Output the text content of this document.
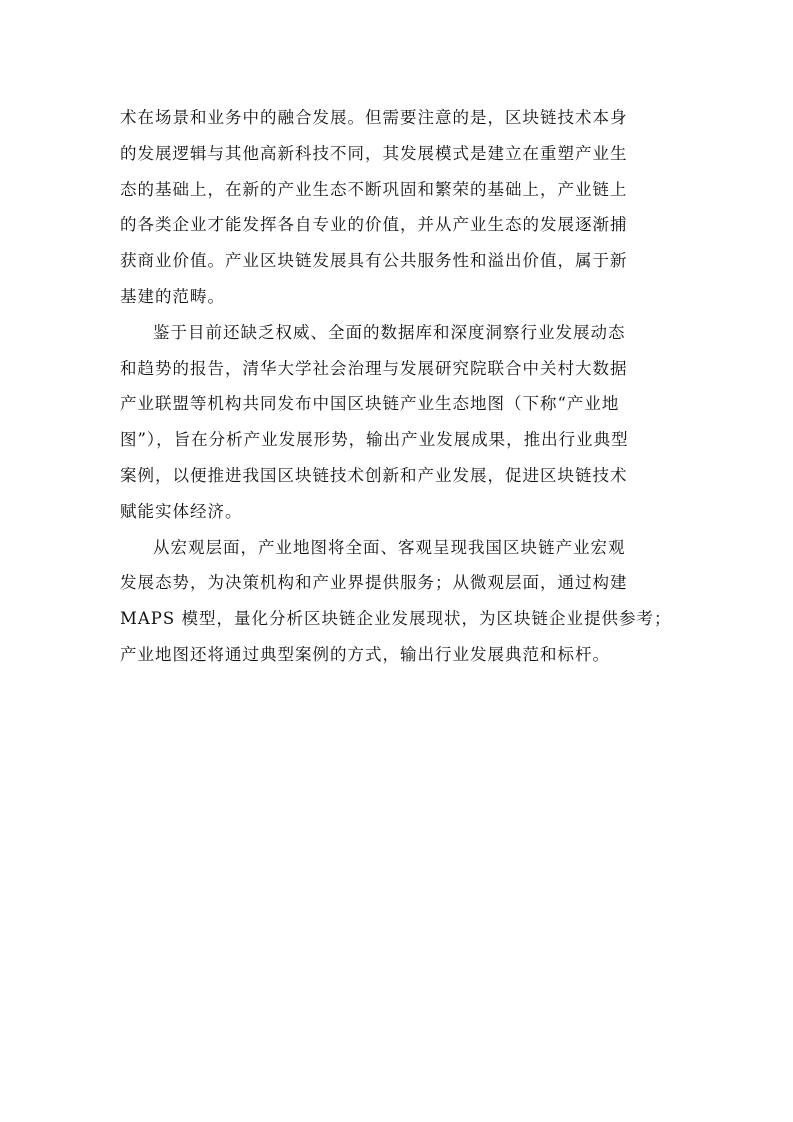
术在场景和业务中的融合发展。但需要注意的是，区块链技术本身
的发展逻辑与其他高新科技不同，其发展模式是建立在重塑产业生
态的基础上，在新的产业生态不断巩固和繁荣的基础上，产业链上
的各类企业才能发挥各自专业的价值，并从产业生态的发展逐渐捕
获商业价值。产业区块链发展具有公共服务性和溢出价值，属于新
基建的范畴。
鉴于目前还缺乏权威、全面的数据库和深度洞察行业发展动态
和趋势的报告，清华大学社会治理与发展研究院联合中关村大数据
产业联盟等机构共同发布中国区块链产业生态地图（下称“产业地
图”），旨在分析产业发展形势，输出产业发展成果，推出行业典型
案例，以便推进我国区块链技术创新和产业发展，促进区块链技术
赋能实体经济。
从宏观层面，产业地图将全面、客观呈现我国区块链产业宏观
发展态势，为决策机构和产业界提供服务；从微观层面，通过构建
MAPS 模型，量化分析区块链企业发展现状，为区块链企业提供参考；
产业地图还将通过典型案例的方式，输出行业发展典范和标杆。
